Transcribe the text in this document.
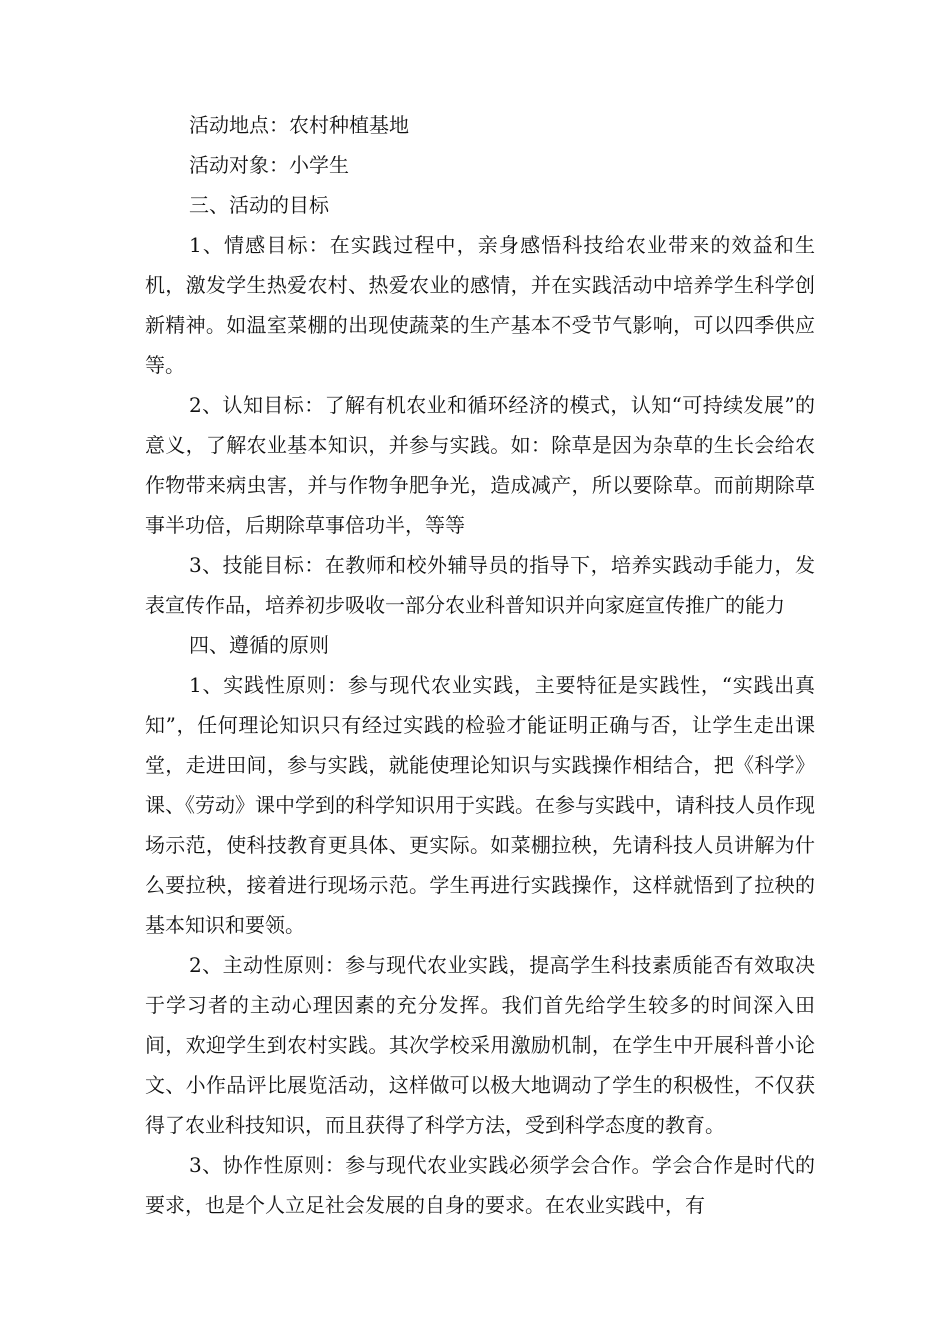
活动地点：农村种植基地

活动对象：小学生

三、活动的目标

1、情感目标：在实践过程中，亲身感悟科技给农业带来的效益和生机，激发学生热爱农村、热爱农业的感情，并在实践活动中培养学生科学创新精神。如温室菜棚的出现使蔬菜的生产基本不受节气影响，可以四季供应等。

2、认知目标：了解有机农业和循环经济的模式，认知“可持续发展”的意义，了解农业基本知识，并参与实践。如：除草是因为杂草的生长会给农作物带来病虫害，并与作物争肥争光，造成减产，所以要除草。而前期除草事半功倍，后期除草事倍功半，等等

3、技能目标：在教师和校外辅导员的指导下，培养实践动手能力，发表宣传作品，培养初步吸收一部分农业科普知识并向家庭宣传推广的能力

四、遵循的原则

1、实践性原则：参与现代农业实践，主要特征是实践性，“实践出真知”，任何理论知识只有经过实践的检验才能证明正确与否，让学生走出课堂，走进田间，参与实践，就能使理论知识与实践操作相结合，把《科学》课、《劳动》课中学到的科学知识用于实践。在参与实践中，请科技人员作现场示范，使科技教育更具体、更实际。如菜棚拉秧，先请科技人员讲解为什么要拉秧，接着进行现场示范。学生再进行实践操作，这样就悟到了拉秧的基本知识和要领。

2、主动性原则：参与现代农业实践，提高学生科技素质能否有效取决于学习者的主动心理因素的充分发挥。我们首先给学生较多的时间深入田间，欢迎学生到农村实践。其次学校采用激励机制，在学生中开展科普小论文、小作品评比展览活动，这样做可以极大地调动了学生的积极性，不仅获得了农业科技知识，而且获得了科学方法，受到科学态度的教育。

3、协作性原则：参与现代农业实践必须学会合作。学会合作是时代的要求，也是个人立足社会发展的自身的要求。在农业实践中，有
